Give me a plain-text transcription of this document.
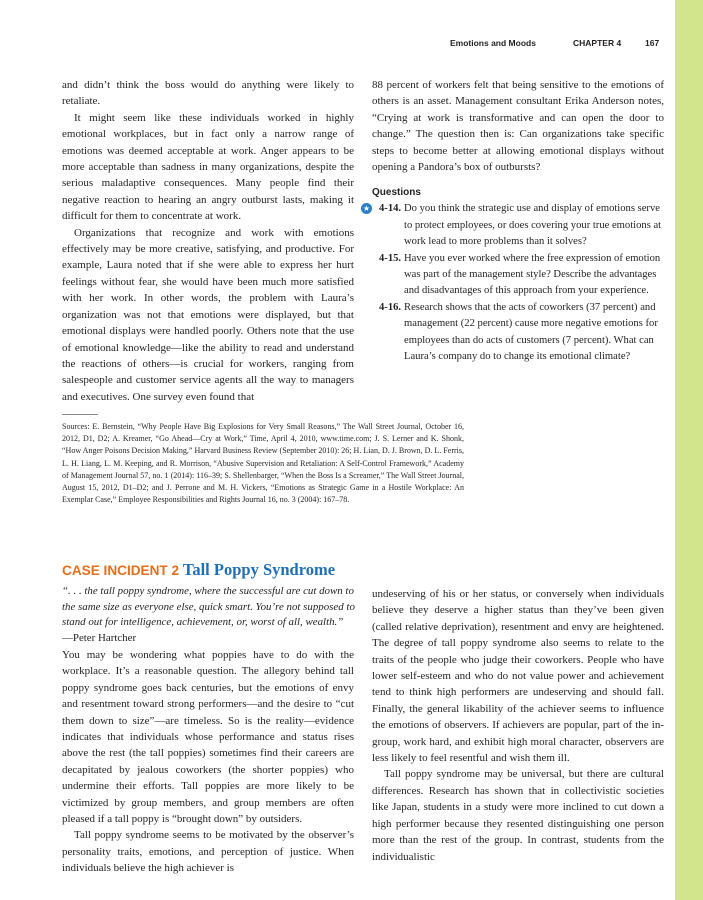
Emotions and Moods	CHAPTER 4	167

and didn’t think the boss would do anything were likely to retaliate.

It might seem like these individuals worked in highly emotional workplaces, but in fact only a narrow range of emotions was deemed acceptable at work. Anger appears to be more acceptable than sadness in many organizations, despite the serious maladaptive consequences. Many people find their negative reaction to hearing an angry outburst lasts, making it difficult for them to concentrate at work.

Organizations that recognize and work with emotions effectively may be more creative, satisfying, and productive. For example, Laura noted that if she were able to express her hurt feelings without fear, she would have been much more satisfied with her work. In other words, the problem with Laura’s organization was not that emotions were displayed, but that emotional displays were handled poorly. Others note that the use of emotional knowledge—like the ability to read and understand the reactions of others—is crucial for workers, ranging from salespeople and customer service agents all the way to managers and executives. One survey even found that

88 percent of workers felt that being sensitive to the emotions of others is an asset. Management consultant Erika Anderson notes, “Crying at work is transformative and can open the door to change.” The question then is: Can organizations take specific steps to become better at allowing emotional displays without opening a Pandora’s box of outbursts?

Questions
★ 4-14. Do you think the strategic use and display of emotions serve to protect employees, or does covering your true emotions at work lead to more problems than it solves?
4-15. Have you ever worked where the free expression of emotion was part of the management style? Describe the advantages and disadvantages of this approach from your experience.
4-16. Research shows that the acts of coworkers (37 percent) and management (22 percent) cause more negative emotions for employees than do acts of customers (7 percent). What can Laura’s company do to change its emotional climate?
Sources: E. Bernstein, “Why People Have Big Explosions for Very Small Reasons,” The Wall Street Journal, October 16, 2012, D1, D2; A. Kreamer, “Go Ahead—Cry at Work,” Time, April 4, 2010, www.time.com; J. S. Lerner and K. Shonk, “How Anger Poisons Decision Making,” Harvard Business Review (September 2010): 26; H. Lian, D. J. Brown, D. L. Ferris, L. H. Liang, L. M. Keeping, and R. Morrison, “Abusive Supervision and Retaliation: A Self-Control Framework,” Academy of Management Journal 57, no. 1 (2014): 116–39; S. Shellenbarger, “When the Boss Is a Screamer,” The Wall Street Journal, August 15, 2012, D1–D2; and J. Perrone and M. H. Vickers, “Emotions as Strategic Game in a Hostile Workplace: An Exemplar Case,” Employee Responsibilities and Rights Journal 16, no. 3 (2004): 167–78.
CASE INCIDENT 2 Tall Poppy Syndrome
“. . . the tall poppy syndrome, where the successful are cut down to the same size as everyone else, quick smart. You’re not supposed to stand out for intelligence, achievement, or, worst of all, wealth.”
—Peter Hartcher

You may be wondering what poppies have to do with the workplace. It’s a reasonable question. The allegory behind tall poppy syndrome goes back centuries, but the emotions of envy and resentment toward strong performers—and the desire to “cut them down to size”—are timeless. So is the reality—evidence indicates that individuals whose performance and status rises above the rest (the tall poppies) sometimes find their careers are decapitated by jealous coworkers (the shorter poppies) who undermine their efforts. Tall poppies are more likely to be victimized by group members, and group members are often pleased if a tall poppy is “brought down” by outsiders.

Tall poppy syndrome seems to be motivated by the observer’s personality traits, emotions, and perception of justice. When individuals believe the high achiever is

undeserving of his or her status, or conversely when individuals believe they deserve a higher status than they’ve been given (called relative deprivation), resentment and envy are heightened. The degree of tall poppy syndrome also seems to relate to the traits of the people who judge their coworkers. People who have lower self-esteem and who do not value power and achievement tend to think high performers are undeserving and should fall. Finally, the general likability of the achiever seems to influence the emotions of observers. If achievers are popular, part of the in-group, work hard, and exhibit high moral character, observers are less likely to feel resentful and wish them ill.

Tall poppy syndrome may be universal, but there are cultural differences. Research has shown that in collectivistic societies like Japan, students in a study were more inclined to cut down a high performer because they resented distinguishing one person more than the rest of the group. In contrast, students from the individualistic
